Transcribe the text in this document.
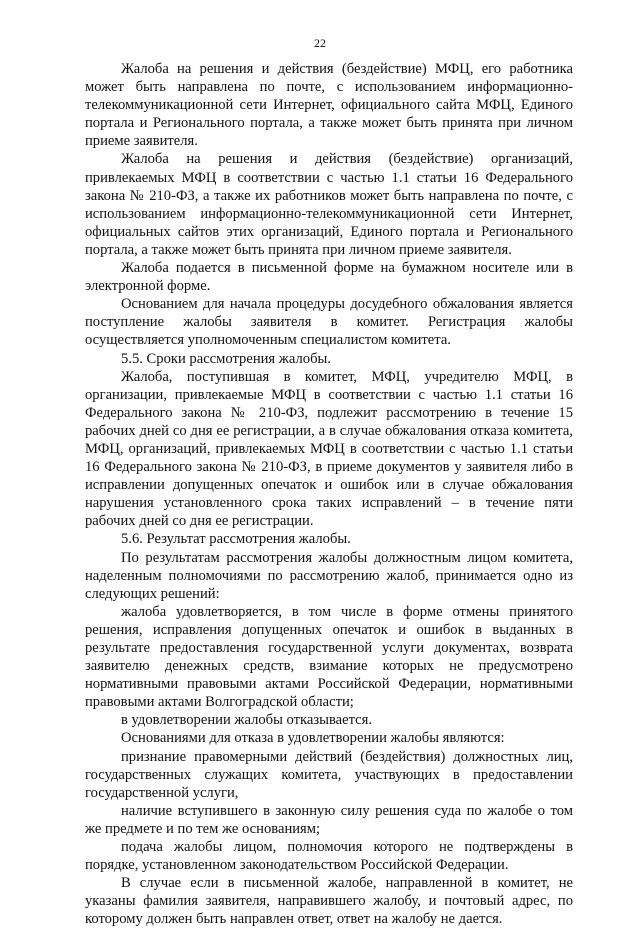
22

Жалоба на решения и действия (бездействие) МФЦ, его работника может быть направлена по почте, с использованием информационно-телекоммуникационной сети Интернет, официального сайта МФЦ, Единого портала и Регионального портала, а также может быть принята при личном приеме заявителя.

Жалоба на решения и действия (бездействие) организаций, привлекаемых МФЦ в соответствии с частью 1.1 статьи 16 Федерального закона № 210-ФЗ, а также их работников может быть направлена по почте, с использованием информационно-телекоммуникационной сети Интернет, официальных сайтов этих организаций, Единого портала и Регионального портала, а также может быть принята при личном приеме заявителя.

Жалоба подается в письменной форме на бумажном носителе или в электронной форме.

Основанием для начала процедуры досудебного обжалования является поступление жалобы заявителя в комитет. Регистрация жалобы осуществляется уполномоченным специалистом комитета.

5.5. Сроки рассмотрения жалобы.

Жалоба, поступившая в комитет, МФЦ, учредителю МФЦ, в организации, привлекаемые МФЦ в соответствии с частью 1.1 статьи 16 Федерального закона № 210-ФЗ, подлежит рассмотрению в течение 15 рабочих дней со дня ее регистрации, а в случае обжалования отказа комитета, МФЦ, организаций, привлекаемых МФЦ в соответствии с частью 1.1 статьи 16 Федерального закона № 210-ФЗ, в приеме документов у заявителя либо в исправлении допущенных опечаток и ошибок или в случае обжалования нарушения установленного срока таких исправлений – в течение пяти рабочих дней со дня ее регистрации.

5.6. Результат рассмотрения жалобы.

По результатам рассмотрения жалобы должностным лицом комитета, наделенным полномочиями по рассмотрению жалоб, принимается одно из следующих решений:

жалоба удовлетворяется, в том числе в форме отмены принятого решения, исправления допущенных опечаток и ошибок в выданных в результате предоставления государственной услуги документах, возврата заявителю денежных средств, взимание которых не предусмотрено нормативными правовыми актами Российской Федерации, нормативными правовыми актами Волгоградской области;

в удовлетворении жалобы отказывается.

Основаниями для отказа в удовлетворении жалобы являются:

признание правомерными действий (бездействия) должностных лиц, государственных служащих комитета, участвующих в предоставлении государственной услуги,

наличие вступившего в законную силу решения суда по жалобе о том же предмете и по тем же основаниям;

подача жалобы лицом, полномочия которого не подтверждены в порядке, установленном законодательством Российской Федерации.

В случае если в письменной жалобе, направленной в комитет, не указаны фамилия заявителя, направившего жалобу, и почтовый адрес, по которому должен быть направлен ответ, ответ на жалобу не дается.
